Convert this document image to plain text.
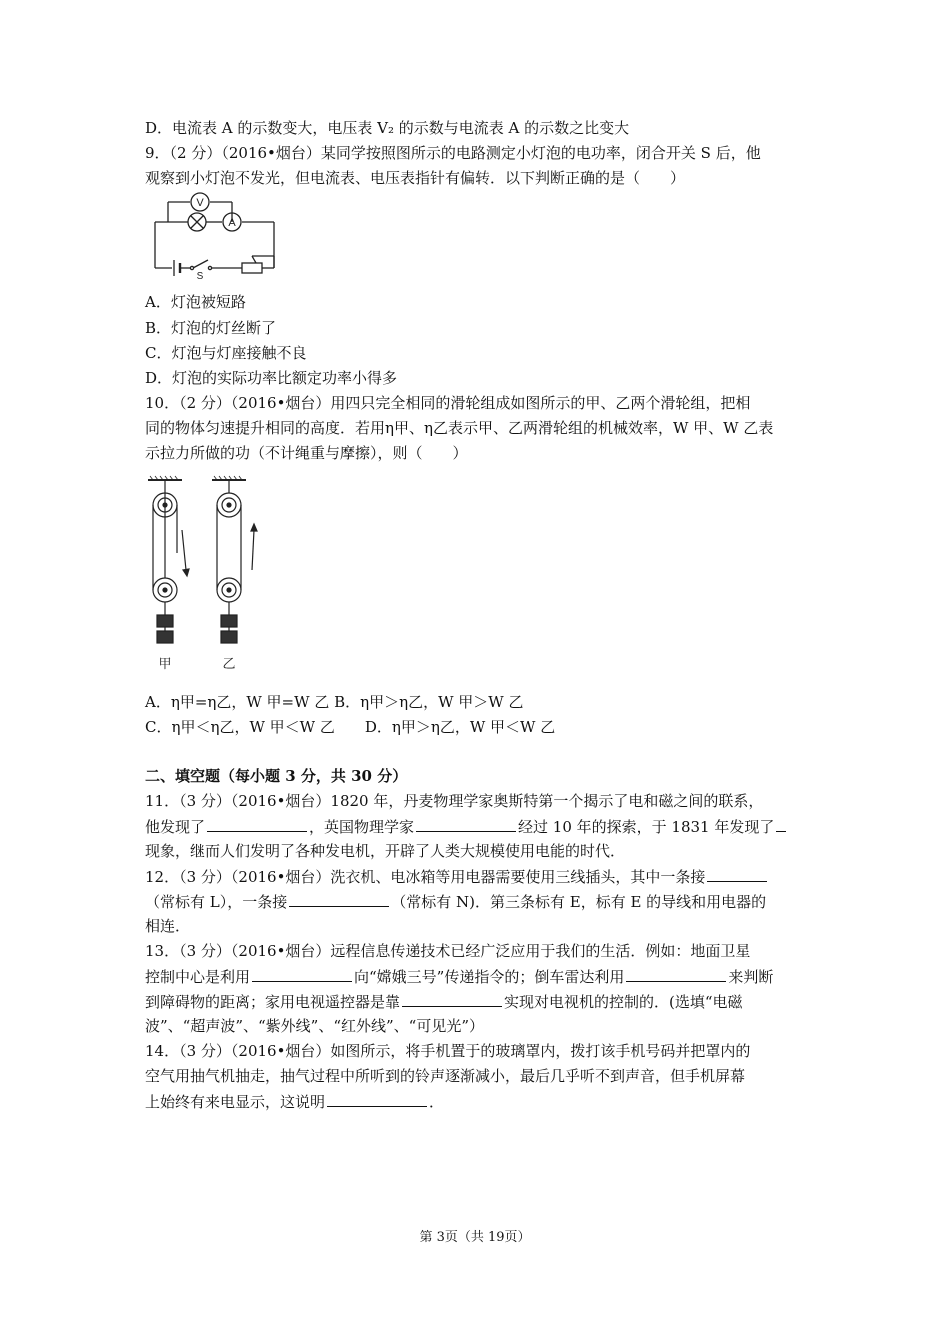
D．电流表 A 的示数变大，电压表 V₂ 的示数与电流表 A 的示数之比变大
9．（2 分）（2016•烟台）某同学按照图所示的电路测定小灯泡的电功率，闭合开关 S 后，他
观察到小灯泡不发光，但电流表、电压表指针有偏转．以下判断正确的是（　　）
V
A
S
A．灯泡被短路
B．灯泡的灯丝断了
C．灯泡与灯座接触不良
D．灯泡的实际功率比额定功率小得多
10．（2 分）（2016•烟台）用四只完全相同的滑轮组成如图所示的甲、乙两个滑轮组，把相
同的物体匀速提升相同的高度．若用η甲、η乙表示甲、乙两滑轮组的机械效率，W 甲、W 乙表
示拉力所做的功（不计绳重与摩擦），则（　　）
甲	乙
A．η甲=η乙，W 甲=W 乙 B．η甲＞η乙，W 甲＞W 乙
C．η甲＜η乙，W 甲＜W 乙　　D．η甲＞η乙，W 甲＜W 乙
二、填空题（每小题 3 分，共 30 分）
11．（3 分）（2016•烟台）1820 年，丹麦物理学家奥斯特第一个揭示了电和磁之间的联系，
他发现了	，英国物理学家	经过 10 年的探索，于 1831 年发现了
现象，继而人们发明了各种发电机，开辟了人类大规模使用电能的时代．
12．（3 分）（2016•烟台）洗衣机、电冰箱等用电器需要使用三线插头，其中一条接
（常标有 L），一条接	（常标有 N)．第三条标有 E，标有 E 的导线和用电器的
相连．
13．（3 分）（2016•烟台）远程信息传递技术已经广泛应用于我们的生活．例如：地面卫星
控制中心是利用	向“嫦娥三号”传递指令的；倒车雷达利用	来判断
到障碍物的距离；家用电视遥控器是靠	实现对电视机的控制的．(选填“电磁
波”、“超声波”、“紫外线”、“红外线”、“可见光”）
14．（3 分）（2016•烟台）如图所示，将手机置于的玻璃罩内，拨打该手机号码并把罩内的
空气用抽气机抽走，抽气过程中所听到的铃声逐渐减小，最后几乎听不到声音，但手机屏幕
上始终有来电显示，这说明	．
第 3页（共 19页）
